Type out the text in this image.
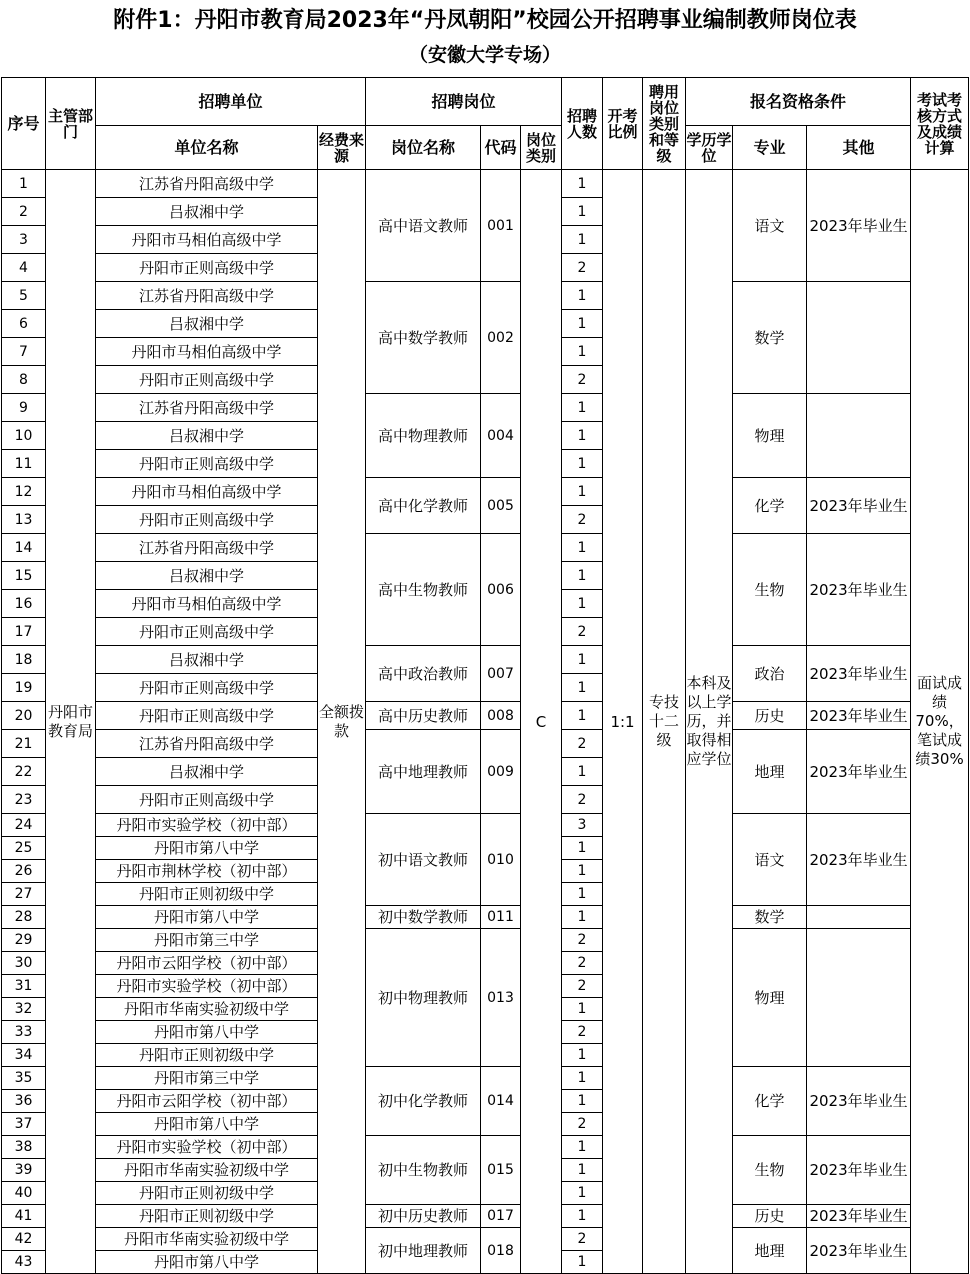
附件1：丹阳市教育局2023年“丹凤朝阳”校园公开招聘事业编制教师岗位表
（安徽大学专场）
序号	主管部门	招聘单位		招聘岗位			招聘人数	开考比例	聘用岗位类别和等级	报名资格条件			考试考核方式及成绩计算
		单位名称	经费来源	岗位名称	代码	岗位类别				学历学位	专业	其他	
1	丹阳市教育局	江苏省丹阳高级中学	全额拨款	高中语文教师	001	C	1	1:1	专技十二级	本科及以上学历，并取得相应学位	语文	2023年毕业生	面试成绩70%，笔试成绩30%
2		吕叔湘中学					1						
3		丹阳市马相伯高级中学					1						
4		丹阳市正则高级中学					2						
5		江苏省丹阳高级中学		高中数学教师	002		1				数学		
6		吕叔湘中学					1						
7		丹阳市马相伯高级中学					1						
8		丹阳市正则高级中学					2						
9		江苏省丹阳高级中学		高中物理教师	004		1				物理		
10		吕叔湘中学					1						
11		丹阳市正则高级中学					1						
12		丹阳市马相伯高级中学		高中化学教师	005		1				化学	2023年毕业生	
13		丹阳市正则高级中学					2						
14		江苏省丹阳高级中学		高中生物教师	006		1				生物	2023年毕业生	
15		吕叔湘中学					1						
16		丹阳市马相伯高级中学					1						
17		丹阳市正则高级中学					2						
18		吕叔湘中学		高中政治教师	007		1				政治	2023年毕业生	
19		丹阳市正则高级中学					1						
20		丹阳市正则高级中学		高中历史教师	008		1				历史	2023年毕业生	
21		江苏省丹阳高级中学		高中地理教师	009		2				地理	2023年毕业生	
22		吕叔湘中学					1						
23		丹阳市正则高级中学					2						
24		丹阳市实验学校（初中部）		初中语文教师	010		3				语文	2023年毕业生	
25		丹阳市第八中学					1						
26		丹阳市荆林学校（初中部）					1						
27		丹阳市正则初级中学					1						
28		丹阳市第八中学		初中数学教师	011		1				数学		
29		丹阳市第三中学		初中物理教师	013		2				物理		
30		丹阳市云阳学校（初中部）					2						
31		丹阳市实验学校（初中部）					2						
32		丹阳市华南实验初级中学					1						
33		丹阳市第八中学					2						
34		丹阳市正则初级中学					1						
35		丹阳市第三中学		初中化学教师	014		1				化学	2023年毕业生	
36		丹阳市云阳学校（初中部）					1						
37		丹阳市第八中学					2						
38		丹阳市实验学校（初中部）		初中生物教师	015		1				生物	2023年毕业生	
39		丹阳市华南实验初级中学					1						
40		丹阳市正则初级中学					1						
41		丹阳市正则初级中学		初中历史教师	017		1				历史	2023年毕业生	
42		丹阳市华南实验初级中学		初中地理教师	018		2				地理	2023年毕业生	
43		丹阳市第八中学					1						
